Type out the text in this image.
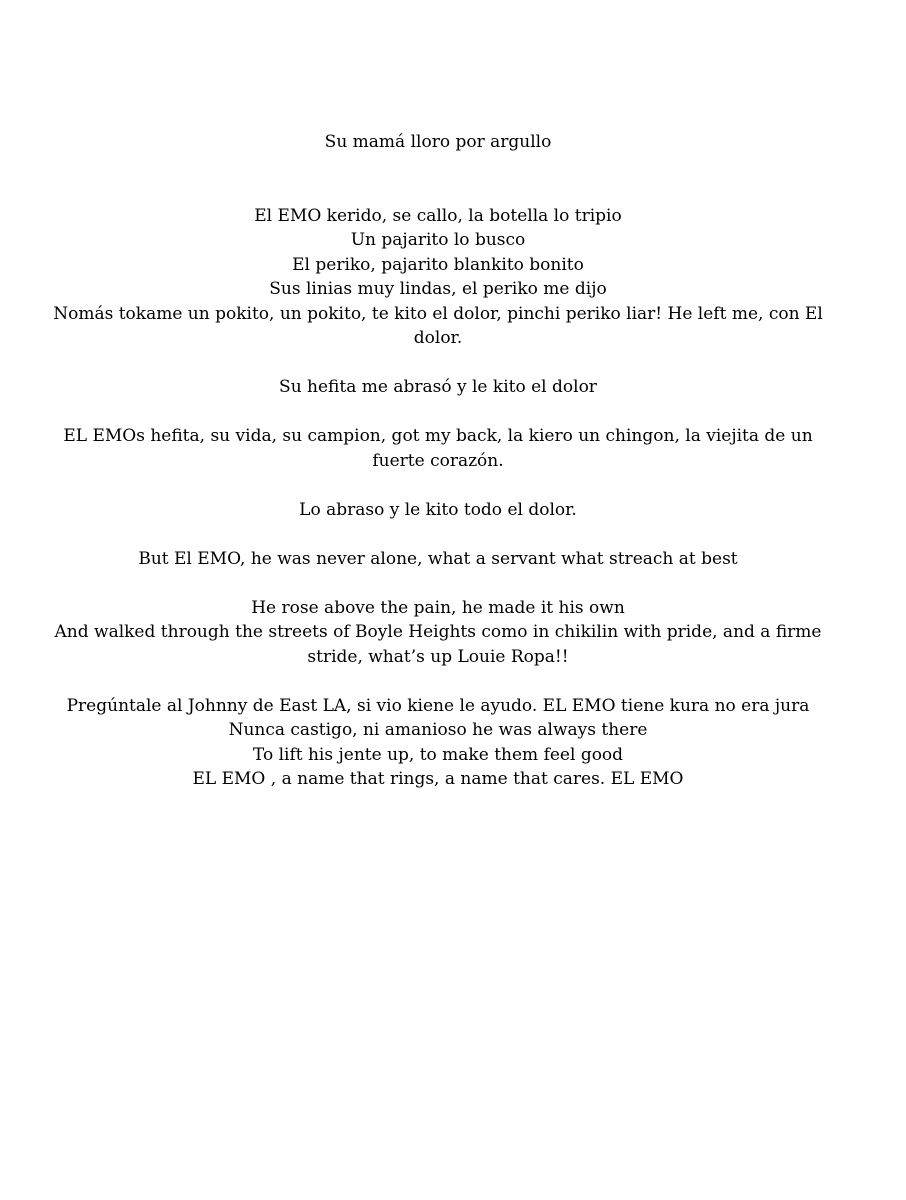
Su mamá lloro por argullo

El EMO kerido, se callo, la botella lo tripio

Un pajarito lo busco

El periko, pajarito blankito bonito

Sus linias muy lindas, el periko me dijo

Nomás tokame un pokito, un pokito, te kito el dolor, pinchi periko liar! He left me, con El dolor.

Su hefita me abrasó y le kito el dolor

EL EMOs hefita, su vida, su campion, got my back, la kiero un chingon, la viejita de un fuerte corazón.

Lo abraso y le kito todo el dolor.

But El EMO, he was never alone, what a servant what streach at best

He rose above the pain, he made it his own

And walked through the streets of Boyle Heights como in chikilin with pride, and a firme stride, what’s up Louie Ropa!!

Pregúntale al Johnny de East LA, si vio kiene le ayudo. EL EMO tiene kura no era jura

Nunca castigo, ni amanioso he was always there

To lift his jente up, to make them feel good

EL EMO , a name that rings, a name that cares. EL EMO
